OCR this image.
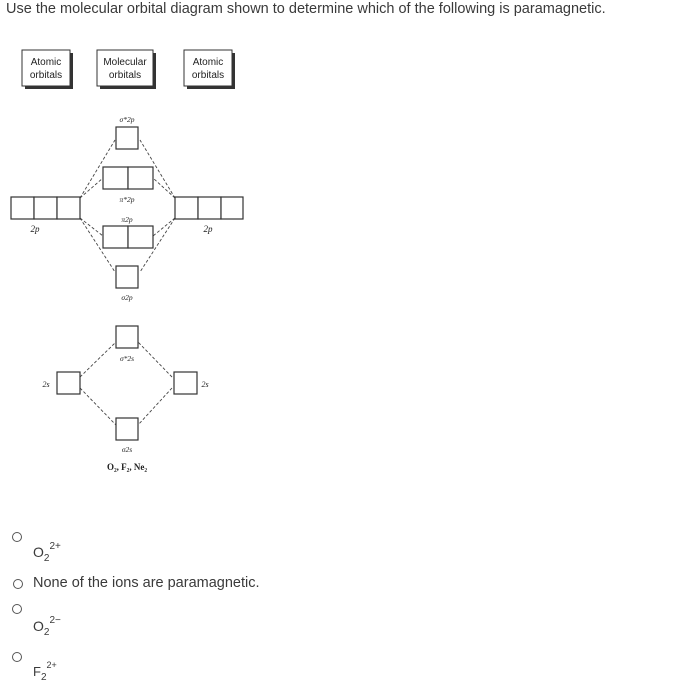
Use the molecular orbital diagram shown to determine which of the following is paramagnetic.
Atomic
orbitals
Molecular
orbitals
Atomic
orbitals
σ*2p
π*2p
π2p
σ2p
σ*2s
σ2s
2p	2p
2s	2s
O₂, F₂, Ne₂
$O_2^{2+}$
None of the ions are paramagnetic.
$O_2^{2-}$
$F_2^{2+}$
